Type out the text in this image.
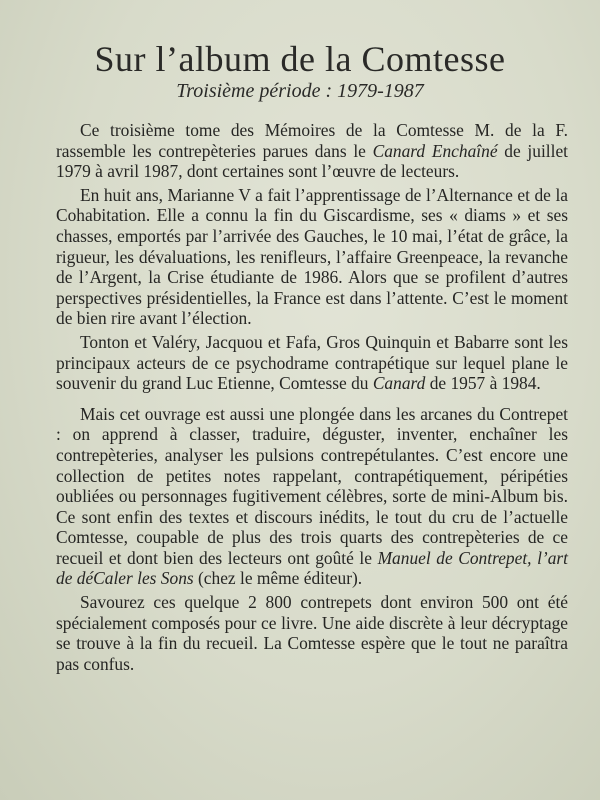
Sur l’album de la Comtesse
Troisième période : 1979-1987

Ce troisième tome des Mémoires de la Comtesse M. de la F. rassemble les contrepèteries parues dans le Canard Enchaîné de juillet 1979 à avril 1987, dont certaines sont l’œuvre de lecteurs.

En huit ans, Marianne V a fait l’apprentissage de l’Alternance et de la Cohabitation. Elle a connu la fin du Giscardisme, ses « diams » et ses chasses, emportés par l’arrivée des Gauches, le 10 mai, l’état de grâce, la rigueur, les dévaluations, les renifleurs, l’affaire Greenpeace, la revanche de l’Argent, la Crise étudiante de 1986. Alors que se profilent d’autres perspectives présidentielles, la France est dans l’attente. C’est le moment de bien rire avant l’élection.

Tonton et Valéry, Jacquou et Fafa, Gros Quinquin et Babarre sont les principaux acteurs de ce psychodrame contrapétique sur lequel plane le souvenir du grand Luc Etienne, Comtesse du Canard de 1957 à 1984.

Mais cet ouvrage est aussi une plongée dans les arcanes du Contrepet : on apprend à classer, traduire, déguster, inventer, enchaîner les contrepèteries, analyser les pulsions contrepétulantes. C’est encore une collection de petites notes rappelant, contrapétiquement, péripéties oubliées ou personnages fugitivement célèbres, sorte de mini-Album bis. Ce sont enfin des textes et discours inédits, le tout du cru de l’actuelle Comtesse, coupable de plus des trois quarts des contrepèteries de ce recueil et dont bien des lecteurs ont goûté le Manuel de Contrepet, l’art de déCaler les Sons (chez le même éditeur).

Savourez ces quelque 2 800 contrepets dont environ 500 ont été spécialement composés pour ce livre. Une aide discrète à leur décryptage se trouve à la fin du recueil. La Comtesse espère que le tout ne paraîtra pas confus.
